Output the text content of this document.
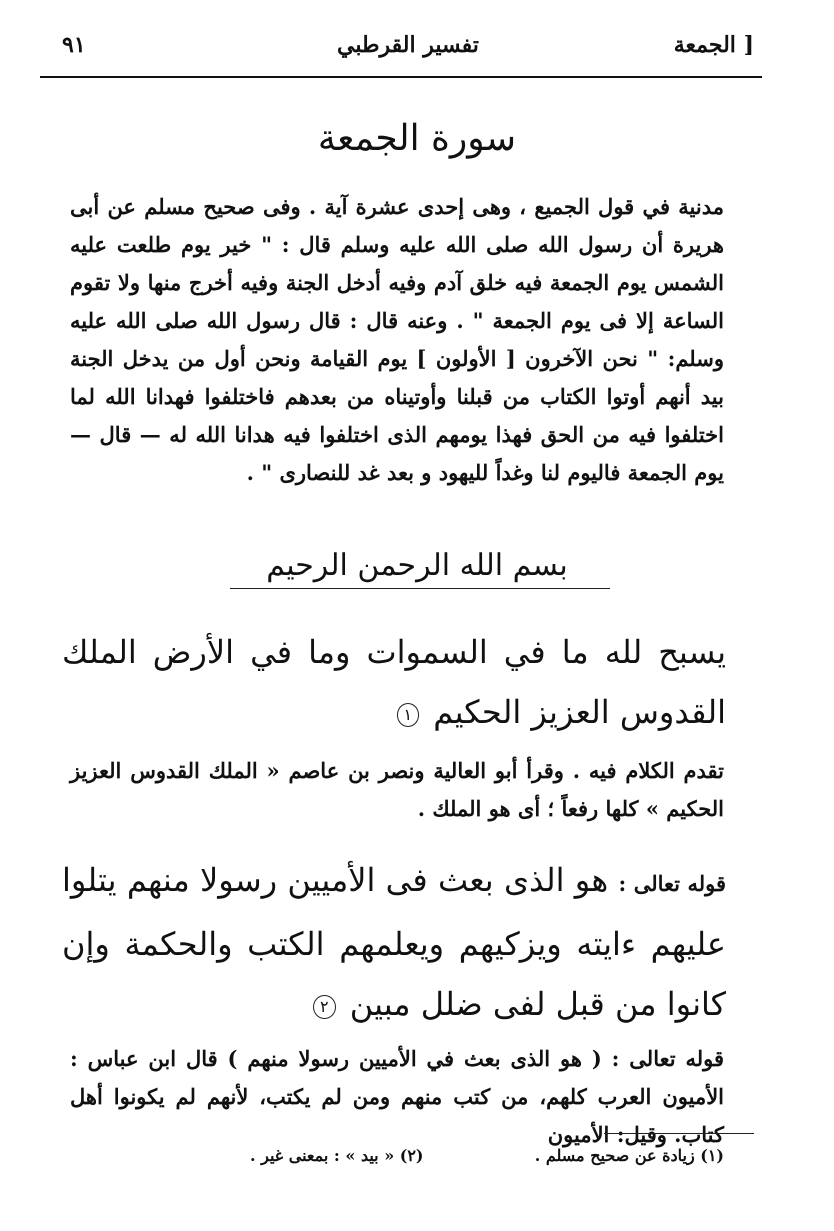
الجمعة ]
تفسير القرطبي
٩١
سورة الجمعة
مدنية في قول الجميع ، وهى إحدى عشرة آية . وفى صحيح مسلم عن أبى هريرة أن رسول الله صلى الله عليه وسلم قال : " خير يوم طلعت عليه الشمس يوم الجمعة فيه خلق آدم وفيه أدخل الجنة وفيه أخرج منها ولا تقوم الساعة إلا فى يوم الجمعة " . وعنه قال : قال رسول الله صلى الله عليه وسلم: " نحن الآخرون [ الأولون ] يوم القيامة ونحن أول من يدخل الجنة بيد أنهم أوتوا الكتاب من قبلنا وأوتيناه من بعدهم فاختلفوا فهدانا الله لما اختلفوا فيه من الحق فهذا يومهم الذى اختلفوا فيه هدانا الله له — قال — يوم الجمعة فاليوم لنا وغداً لليهود و بعد غد للنصارى " .
بسم الله الرحمن الرحيم
يسبح لله ما في السموات وما في الأرض الملك القدوس العزيز الحكيم ١
تقدم الكلام فيه . وقرأ أبو العالية ونصر بن عاصم « الملك القدوس العزيز الحكيم » كلها رفعاً ؛ أى هو الملك .
قوله تعالى : هو الذى بعث فى الأميين رسولا منهم يتلوا عليهم ءايته ويزكيهم ويعلمهم الكتب والحكمة وإن كانوا من قبل لفى ضلل مبين ٢
قوله تعالى : ( هو الذى بعث في الأميين رسولا منهم ) قال ابن عباس : الأميون العرب كلهم، من كتب منهم ومن لم يكتب، لأنهم لم يكونوا أهل كتاب. وقيل: الأميون
(١) زيادة عن صحيح مسلم .
(٢) « بيد » : بمعنى غير .
